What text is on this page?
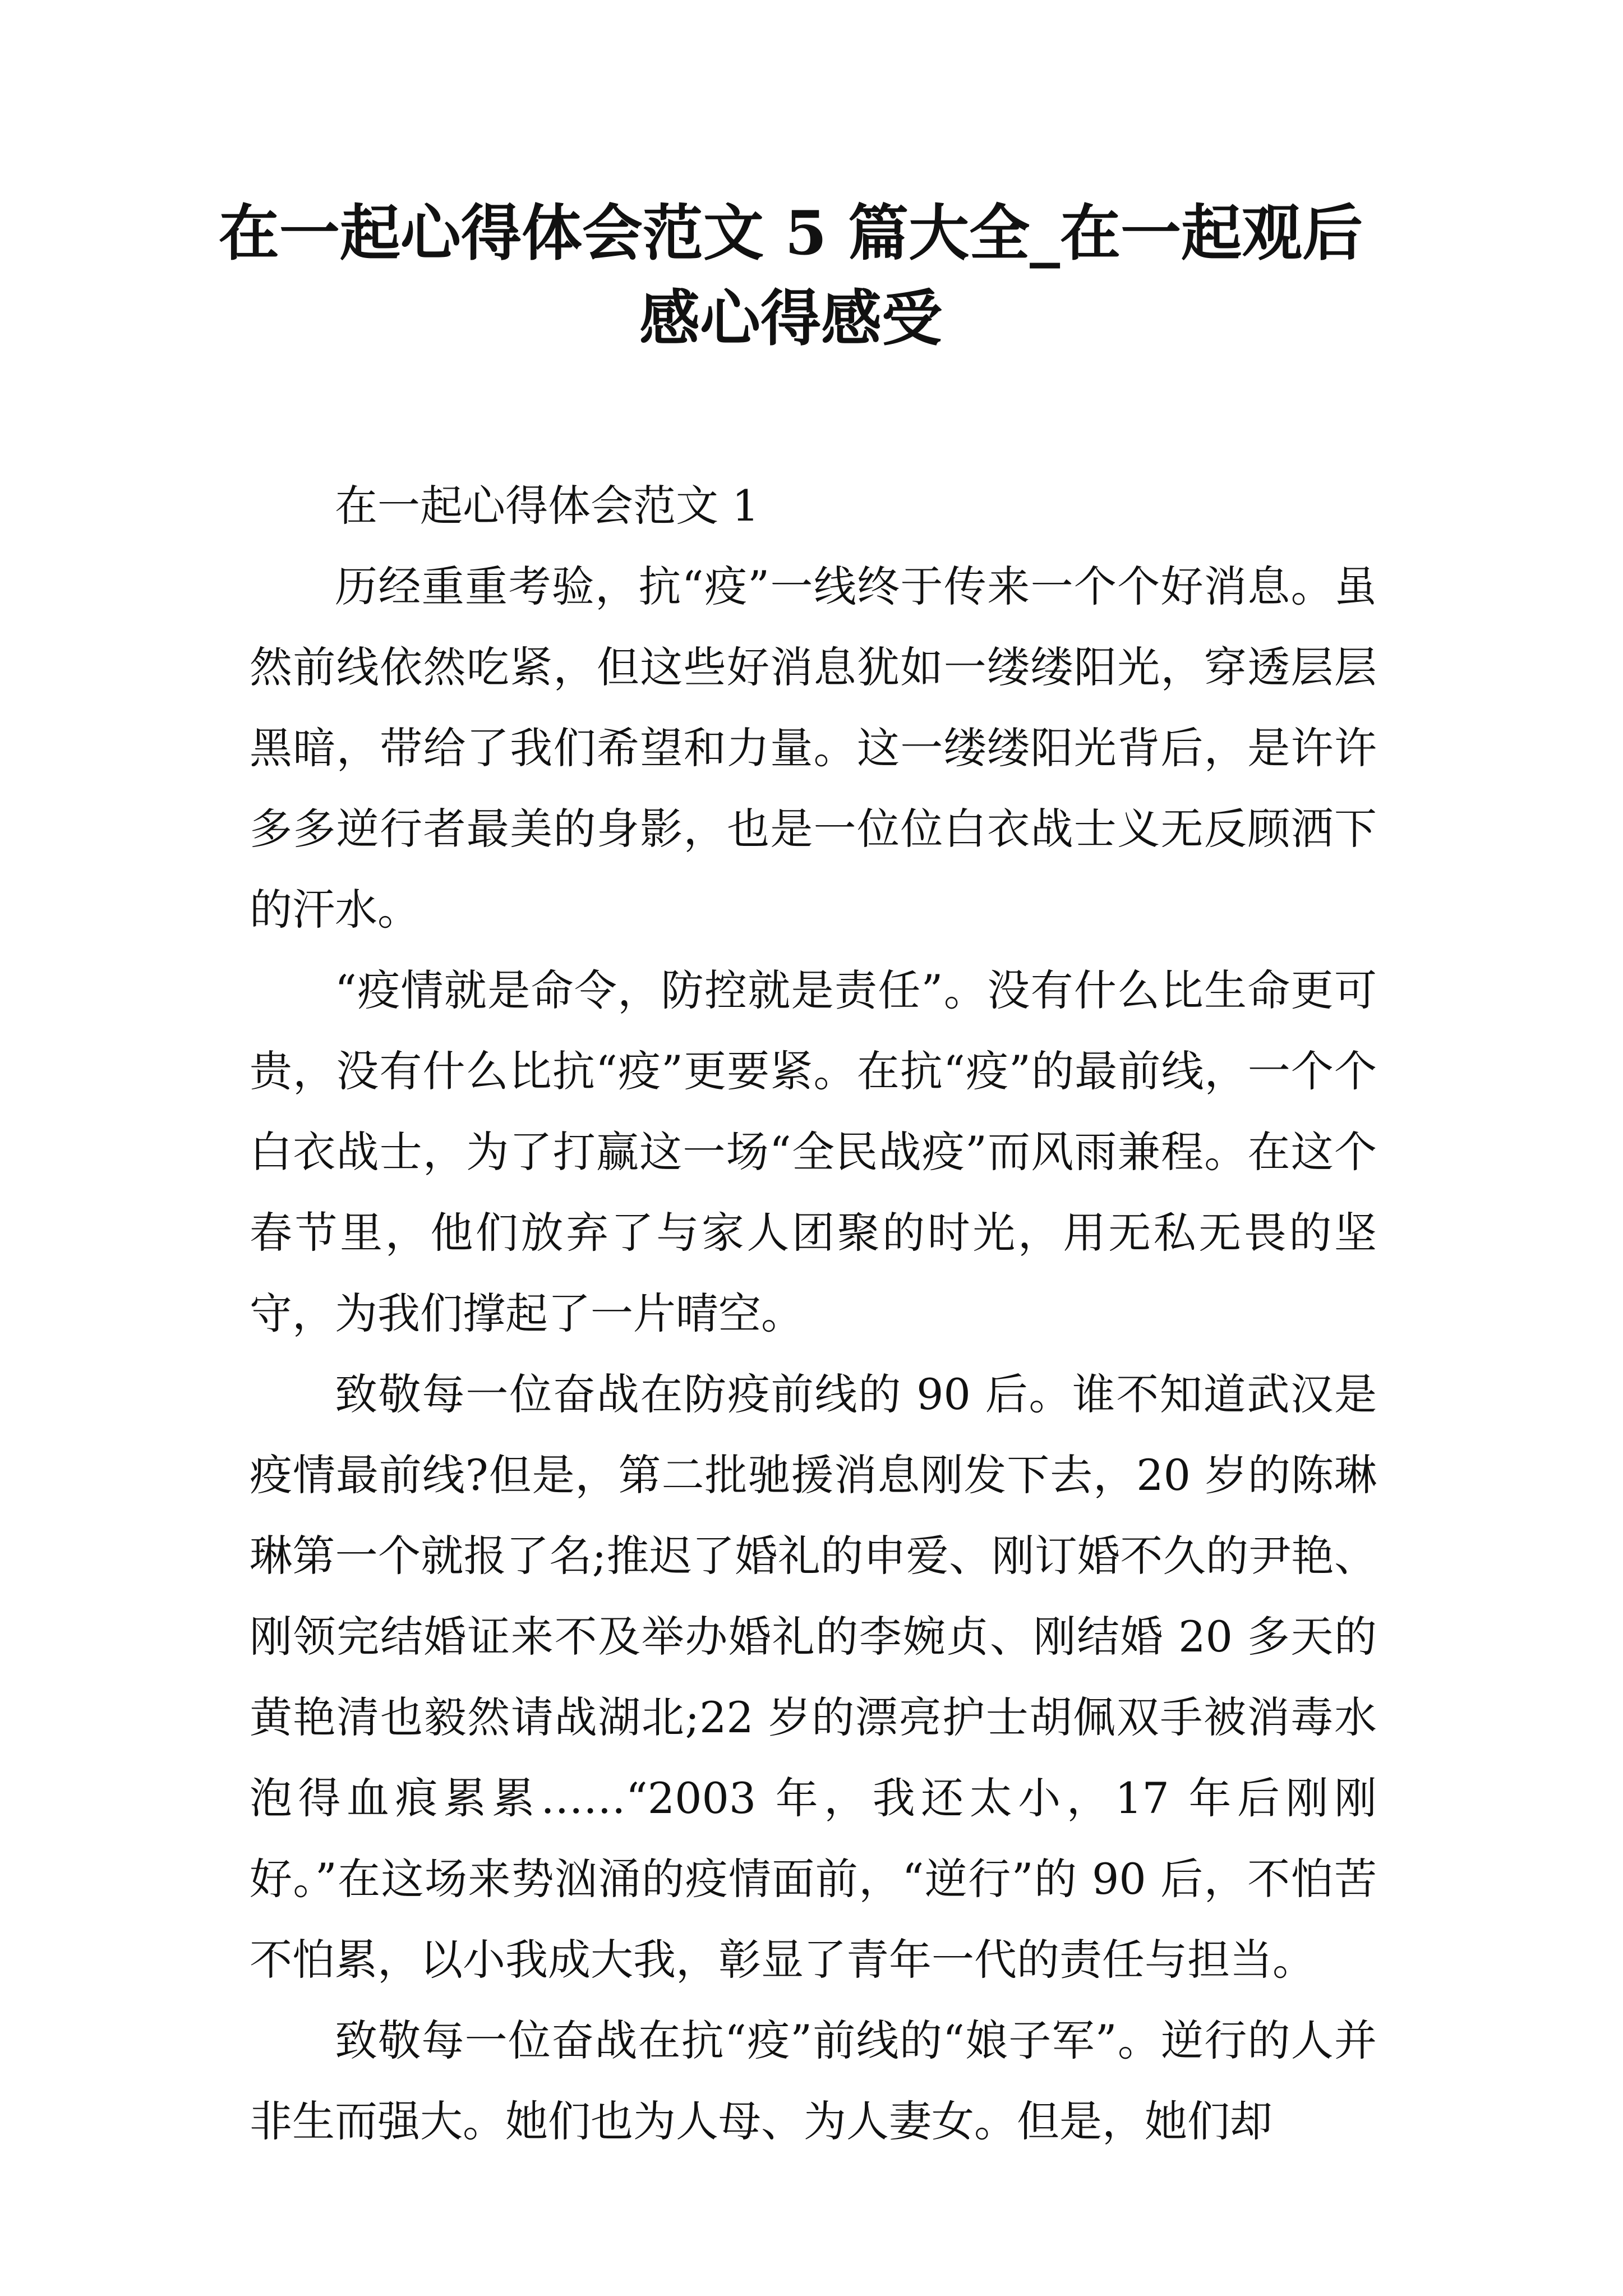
在一起心得体会范文 5 篇大全_在一起观后感心得感受

在一起心得体会范文 1

历经重重考验，抗“疫”一线终于传来一个个好消息。虽然前线依然吃紧，但这些好消息犹如一缕缕阳光，穿透层层黑暗，带给了我们希望和力量。这一缕缕阳光背后，是许许多多逆行者最美的身影，也是一位位白衣战士义无反顾洒下的汗水。

“疫情就是命令，防控就是责任”。没有什么比生命更可贵，没有什么比抗“疫”更要紧。在抗“疫”的最前线，一个个白衣战士，为了打赢这一场“全民战疫”而风雨兼程。在这个春节里，他们放弃了与家人团聚的时光，用无私无畏的坚守，为我们撑起了一片晴空。

致敬每一位奋战在防疫前线的 90 后。谁不知道武汉是疫情最前线?但是，第二批驰援消息刚发下去，20 岁的陈琳琳第一个就报了名;推迟了婚礼的申爱、刚订婚不久的尹艳、刚领完结婚证来不及举办婚礼的李婉贞、刚结婚 20 多天的黄艳清也毅然请战湖北;22 岁的漂亮护士胡佩双手被消毒水泡得血痕累累……“2003 年，我还太小，17 年后刚刚好。”在这场来势汹涌的疫情面前，“逆行”的 90 后，不怕苦不怕累，以小我成大我，彰显了青年一代的责任与担当。

致敬每一位奋战在抗“疫”前线的“娘子军”。逆行的人并非生而强大。她们也为人母、为人妻女。但是，她们却
